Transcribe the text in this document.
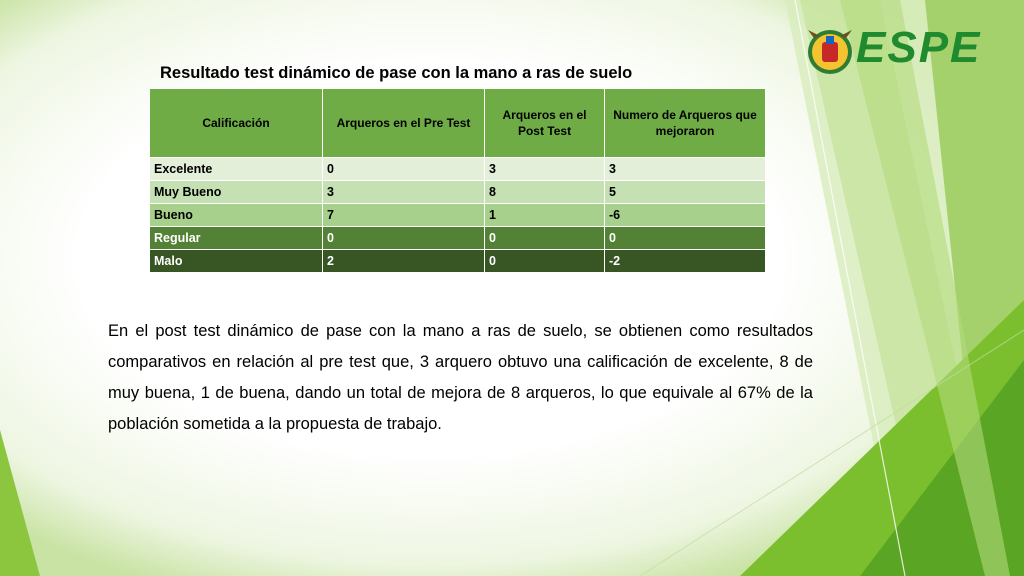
ESPE
Resultado test dinámico de pase con la mano a ras de suelo
Calificación	Arqueros en el Pre Test	Arqueros en el Post Test	Numero de Arqueros que mejoraron
Excelente	0	3	3
Muy Bueno	3	8	5
Bueno	7	1	-6
Regular	0	0	0
Malo	2	0	-2
En el post test dinámico de pase con la mano a ras de suelo, se obtienen como resultados comparativos en relación al pre test que, 3 arquero obtuvo una calificación de excelente, 8 de muy buena, 1 de buena, dando un total de mejora de 8 arqueros, lo que equivale al 67% de la población sometida a la propuesta de trabajo.
